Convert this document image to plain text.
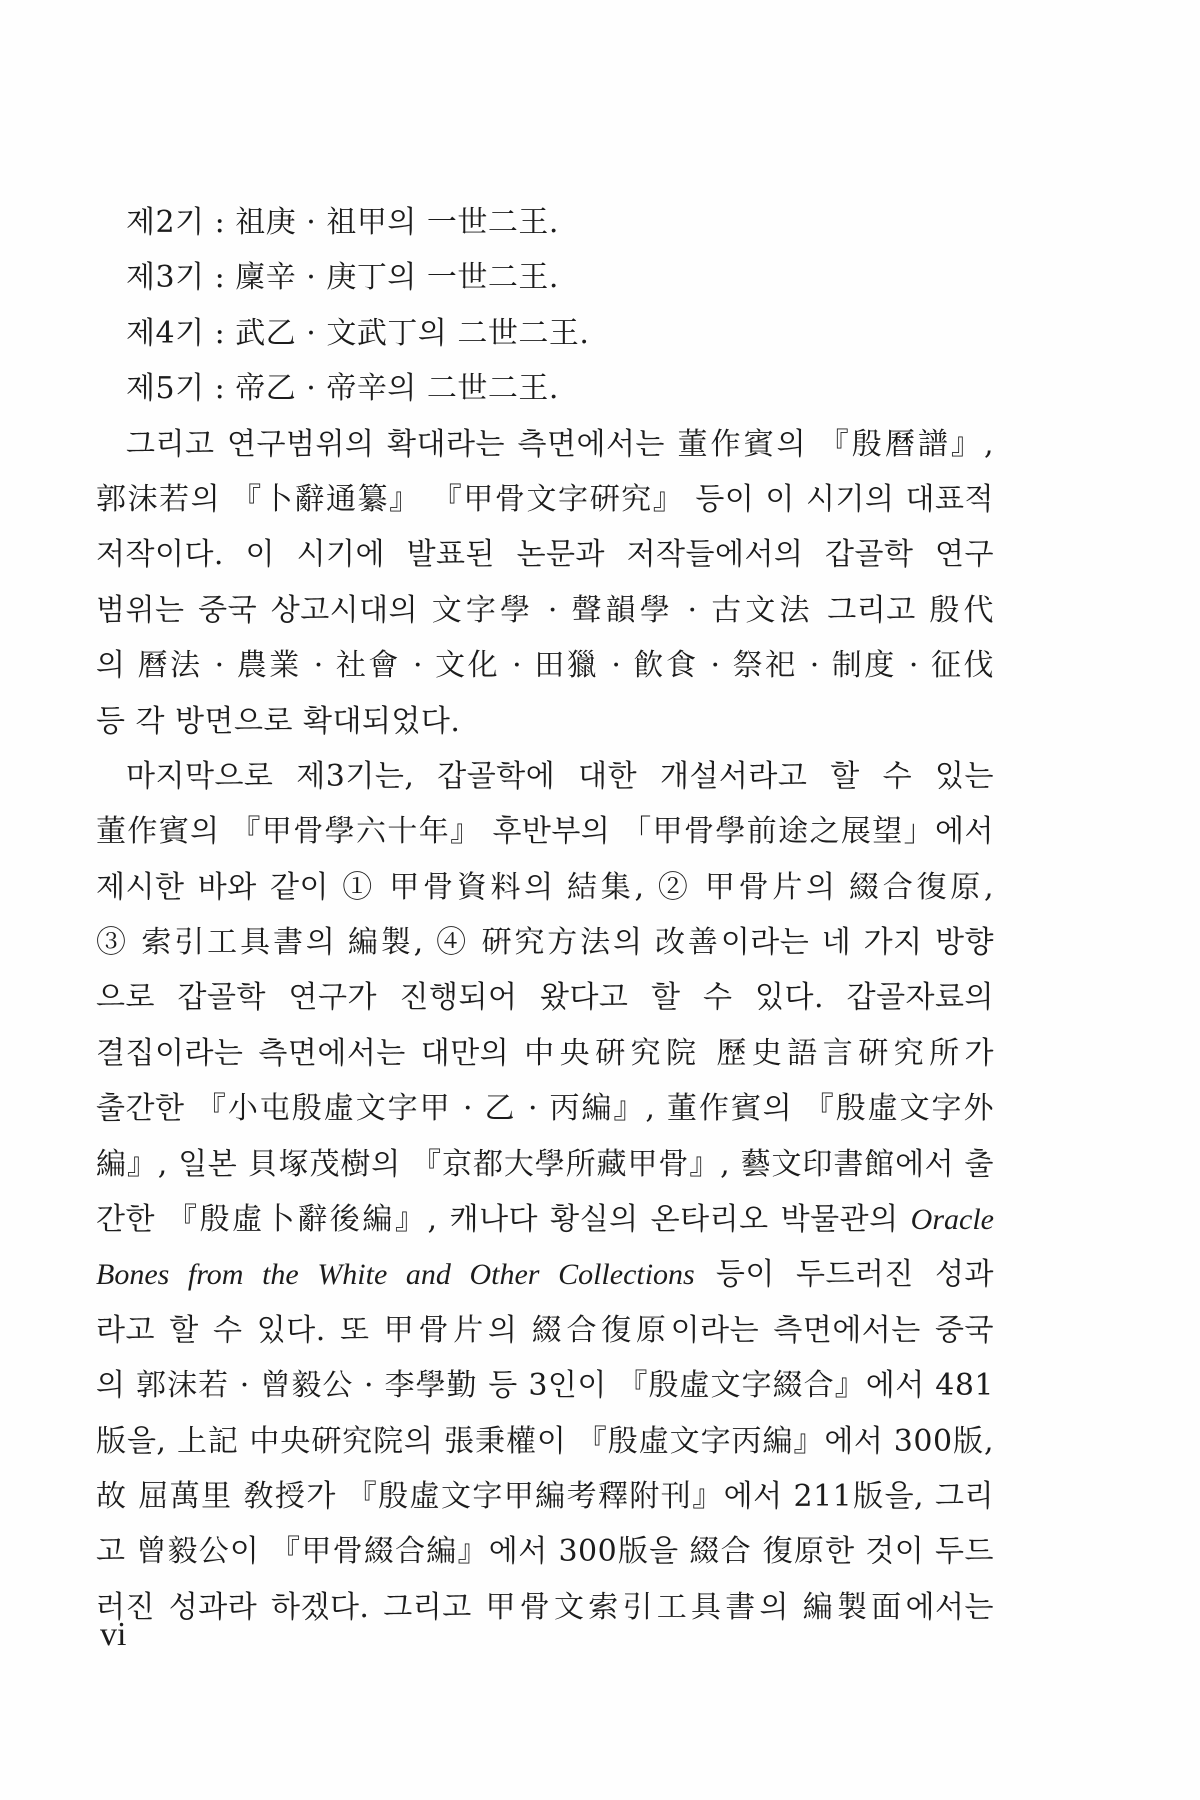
제2기 : 祖庚 · 祖甲의 一世二王.
제3기 : 廩辛 · 庚丁의 一世二王.
제4기 : 武乙 · 文武丁의 二世二王.
제5기 : 帝乙 · 帝辛의 二世二王.
그리고 연구범위의 확대라는 측면에서는 董作賓의 『殷曆譜』,
郭沫若의 『卜辭通纂』 『甲骨文字硏究』 등이 이 시기의 대표적
저작이다. 이 시기에 발표된 논문과 저작들에서의 갑골학 연구
범위는 중국 상고시대의 文字學 · 聲韻學 · 古文法 그리고 殷代
의 曆法 · 農業 · 社會 · 文化 · 田獵 · 飮食 · 祭祀 · 制度 · 征伐
등 각 방면으로 확대되었다.
마지막으로 제3기는, 갑골학에 대한 개설서라고 할 수 있는
董作賓의 『甲骨學六十年』 후반부의 「甲骨學前途之展望」에서
제시한 바와 같이 ① 甲骨資料의 結集, ② 甲骨片의 綴合復原,
③ 索引工具書의 編製, ④ 硏究方法의 改善이라는 네 가지 방향
으로 갑골학 연구가 진행되어 왔다고 할 수 있다. 갑골자료의
결집이라는 측면에서는 대만의 中央硏究院 歷史語言硏究所가
출간한 『小屯殷虛文字甲 · 乙 · 丙編』, 董作賓의 『殷虛文字外
編』, 일본 貝塚茂樹의 『京都大學所藏甲骨』, 藝文印書館에서 출
간한 『殷虛卜辭後編』, 캐나다 황실의 온타리오 박물관의 Oracle
Bones from the White and Other Collections 등이 두드러진 성과
라고 할 수 있다. 또 甲骨片의 綴合復原이라는 측면에서는 중국
의 郭沫若 · 曾毅公 · 李學勤 등 3인이 『殷虛文字綴合』에서 481
版을, 上記 中央硏究院의 張秉權이 『殷虛文字丙編』에서 300版,
故 屈萬里 敎授가 『殷虛文字甲編考釋附刊』에서 211版을, 그리
고 曾毅公이 『甲骨綴合編』에서 300版을 綴合 復原한 것이 두드
러진 성과라 하겠다. 그리고 甲骨文索引工具書의 編製面에서는
vi
